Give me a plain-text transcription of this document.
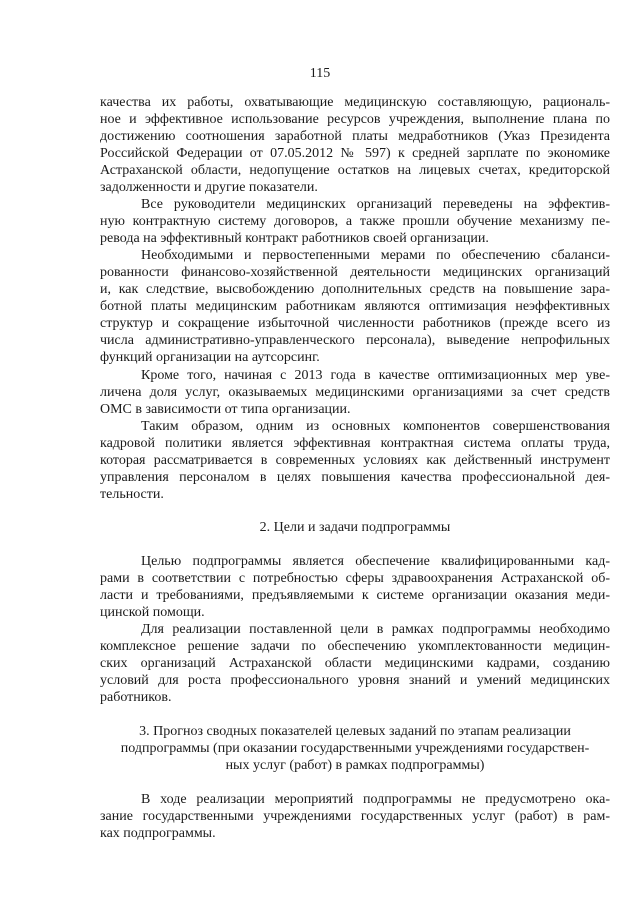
115
качества их работы, охватывающие медицинскую составляющую, рациональ-
ное и эффективное использование ресурсов учреждения, выполнение плана по
достижению соотношения заработной платы медработников (Указ Президента
Российской Федерации от 07.05.2012 № 597) к средней зарплате по экономике
Астраханской области, недопущение остатков на лицевых счетах, кредиторской
задолженности и другие показатели.
Все руководители медицинских организаций переведены на эффектив-
ную контрактную систему договоров, а также прошли обучение механизму пе-
ревода на эффективный контракт работников своей организации.
Необходимыми и первостепенными мерами по обеспечению сбаланси-
рованности финансово-хозяйственной деятельности медицинских организаций
и, как следствие, высвобождению дополнительных средств на повышение зара-
ботной платы медицинским работникам являются оптимизация неэффективных
структур и сокращение избыточной численности работников (прежде всего из
числа административно-управленческого персонала), выведение непрофильных
функций организации на аутсорсинг.
Кроме того, начиная с 2013 года в качестве оптимизационных мер уве-
личена доля услуг, оказываемых медицинскими организациями за счет средств
ОМС в зависимости от типа организации.
Таким образом, одним из основных компонентов совершенствования
кадровой политики является эффективная контрактная система оплаты труда,
которая рассматривается в современных условиях как действенный инструмент
управления персоналом в целях повышения качества профессиональной дея-
тельности.
2. Цели и задачи подпрограммы
Целью подпрограммы является обеспечение квалифицированными кад-
рами в соответствии с потребностью сферы здравоохранения Астраханской об-
ласти и требованиями, предъявляемыми к системе организации оказания меди-
цинской помощи.
Для реализации поставленной цели в рамках подпрограммы необходимо
комплексное решение задачи по обеспечению укомплектованности медицин-
ских организаций Астраханской области медицинскими кадрами, созданию
условий для роста профессионального уровня знаний и умений медицинских
работников.
3. Прогноз сводных показателей целевых заданий по этапам реализации
подпрограммы (при оказании государственными учреждениями государствен-
ных услуг (работ) в рамках подпрограммы)
В ходе реализации мероприятий подпрограммы не предусмотрено ока-
зание государственными учреждениями государственных услуг (работ) в рам-
ках подпрограммы.
